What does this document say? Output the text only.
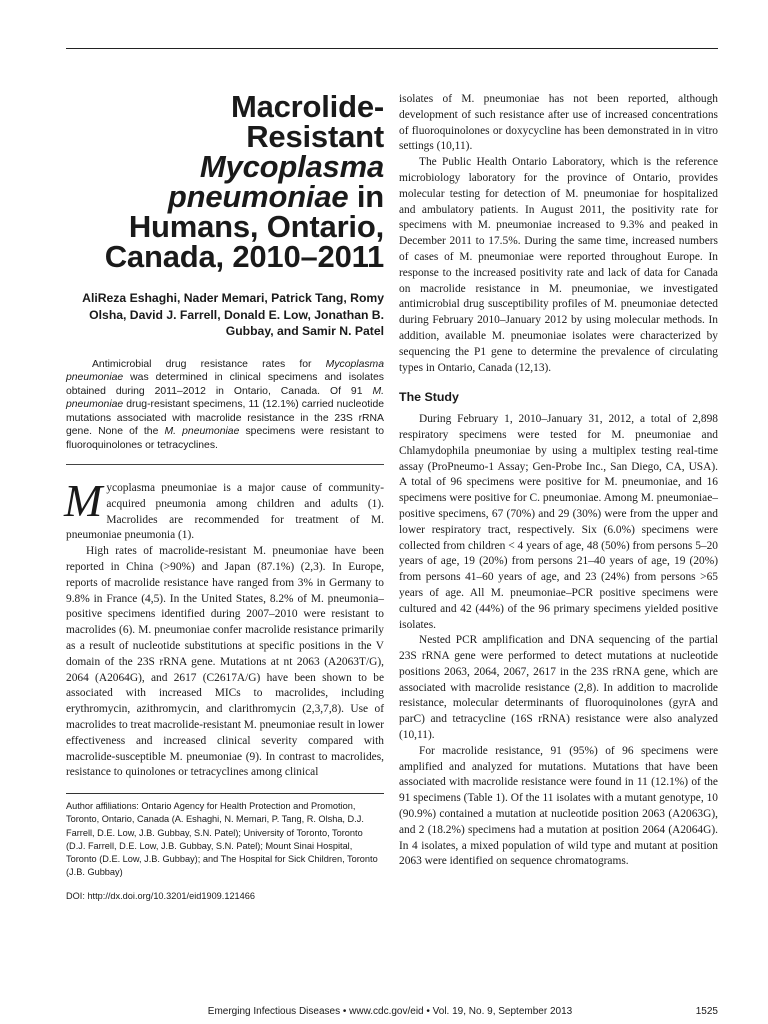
Macrolide-
Resistant
Mycoplasma
pneumoniae in
Humans, Ontario,
Canada, 2010–2011

AliReza Eshaghi, Nader Memari, Patrick Tang, Romy Olsha, David J. Farrell, Donald E. Low, Jonathan B. Gubbay, and Samir N. Patel

Antimicrobial drug resistance rates for Mycoplasma pneumoniae was determined in clinical specimens and isolates obtained during 2011–2012 in Ontario, Canada. Of 91 M. pneumoniae drug-resistant specimens, 11 (12.1%) carried nucleotide mutations associated with macrolide resistance in the 23S rRNA gene. None of the M. pneumoniae specimens were resistant to fluoroquinolones or tetracyclines.

Mycoplasma pneumoniae is a major cause of community-acquired pneumonia among children and adults (1). Macrolides are recommended for treatment of M. pneumoniae pneumonia (1).

High rates of macrolide-resistant M. pneumoniae have been reported in China (>90%) and Japan (87.1%) (2,3). In Europe, reports of macrolide resistance have ranged from 3% in Germany to 9.8% in France (4,5). In the United States, 8.2% of M. pneumonia–positive specimens identified during 2007–2010 were resistant to macrolides (6). M. pneumoniae confer macrolide resistance primarily as a result of nucleotide substitutions at specific positions in the V domain of the 23S rRNA gene. Mutations at nt 2063 (A2063T/G), 2064 (A2064G), and 2617 (C2617A/G) have been shown to be associated with increased MICs to macrolides, including erythromycin, azithromycin, and clarithromycin (2,3,7,8). Use of macrolides to treat macrolide-resistant M. pneumoniae result in lower effectiveness and increased clinical severity compared with macrolide-susceptible M. pneumoniae (9). In contrast to macrolides, resistance to quinolones or tetracyclines among clinical

Author affiliations: Ontario Agency for Health Protection and Promotion, Toronto, Ontario, Canada (A. Eshaghi, N. Memari, P. Tang, R. Olsha, D.J. Farrell, D.E. Low, J.B. Gubbay, S.N. Patel); University of Toronto, Toronto (D.J. Farrell, D.E. Low, J.B. Gubbay, S.N. Patel); Mount Sinai Hospital, Toronto (D.E. Low, J.B. Gubbay); and The Hospital for Sick Children, Toronto (J.B. Gubbay)

DOI: http://dx.doi.org/10.3201/eid1909.121466

isolates of M. pneumoniae has not been reported, although development of such resistance after use of increased concentrations of fluoroquinolones or doxycycline has been demonstrated in in vitro settings (10,11).

The Public Health Ontario Laboratory, which is the reference microbiology laboratory for the province of Ontario, provides molecular testing for detection of M. pneumoniae for hospitalized and ambulatory patients. In August 2011, the positivity rate for specimens with M. pneumoniae increased to 9.3% and peaked in December 2011 to 17.5%. During the same time, increased numbers of cases of M. pneumoniae were reported throughout Europe. In response to the increased positivity rate and lack of data for Canada on macrolide resistance in M. pneumoniae, we investigated antimicrobial drug susceptibility profiles of M. pneumoniae detected during February 2010–January 2012 by using molecular methods. In addition, available M. pneumoniae isolates were characterized by sequencing the P1 gene to determine the prevalence of circulating types in Ontario, Canada (12,13).

The Study

During February 1, 2010–January 31, 2012, a total of 2,898 respiratory specimens were tested for M. pneumoniae and Chlamydophila pneumoniae by using a multiplex testing real-time assay (ProPneumo-1 Assay; Gen-Probe Inc., San Diego, CA, USA). A total of 96 specimens were positive for M. pneumoniae, and 16 specimens were positive for C. pneumoniae. Among M. pneumoniae–positive specimens, 67 (70%) and 29 (30%) were from the upper and lower respiratory tract, respectively. Six (6.0%) specimens were collected from children < 4 years of age, 48 (50%) from persons 5–20 years of age, 19 (20%) from persons 21–40 years of age, 19 (20%) from persons 41–60 years of age, and 23 (24%) from persons >65 years of age. All M. pneumoniae–PCR positive specimens were cultured and 42 (44%) of the 96 primary specimens yielded positive isolates.

Nested PCR amplification and DNA sequencing of the partial 23S rRNA gene were performed to detect mutations at nucleotide positions 2063, 2064, 2067, 2617 in the 23S rRNA gene, which are associated with macrolide resistance (2,8). In addition to macrolide resistance, molecular determinants of fluoroquinolones (gyrA and parC) and tetracycline (16S rRNA) resistance were also analyzed (10,11).

For macrolide resistance, 91 (95%) of 96 specimens were amplified and analyzed for mutations. Mutations that have been associated with macrolide resistance were found in 11 (12.1%) of the 91 specimens (Table 1). Of the 11 isolates with a mutant genotype, 10 (90.9%) contained a mutation at nucleotide position 2063 (A2063G), and 2 (18.2%) specimens had a mutation at position 2064 (A2064G). In 4 isolates, a mixed population of wild type and mutant at position 2063 were identified on sequence chromatograms.

Emerging Infectious Diseases • www.cdc.gov/eid • Vol. 19, No. 9, September 2013	1525
